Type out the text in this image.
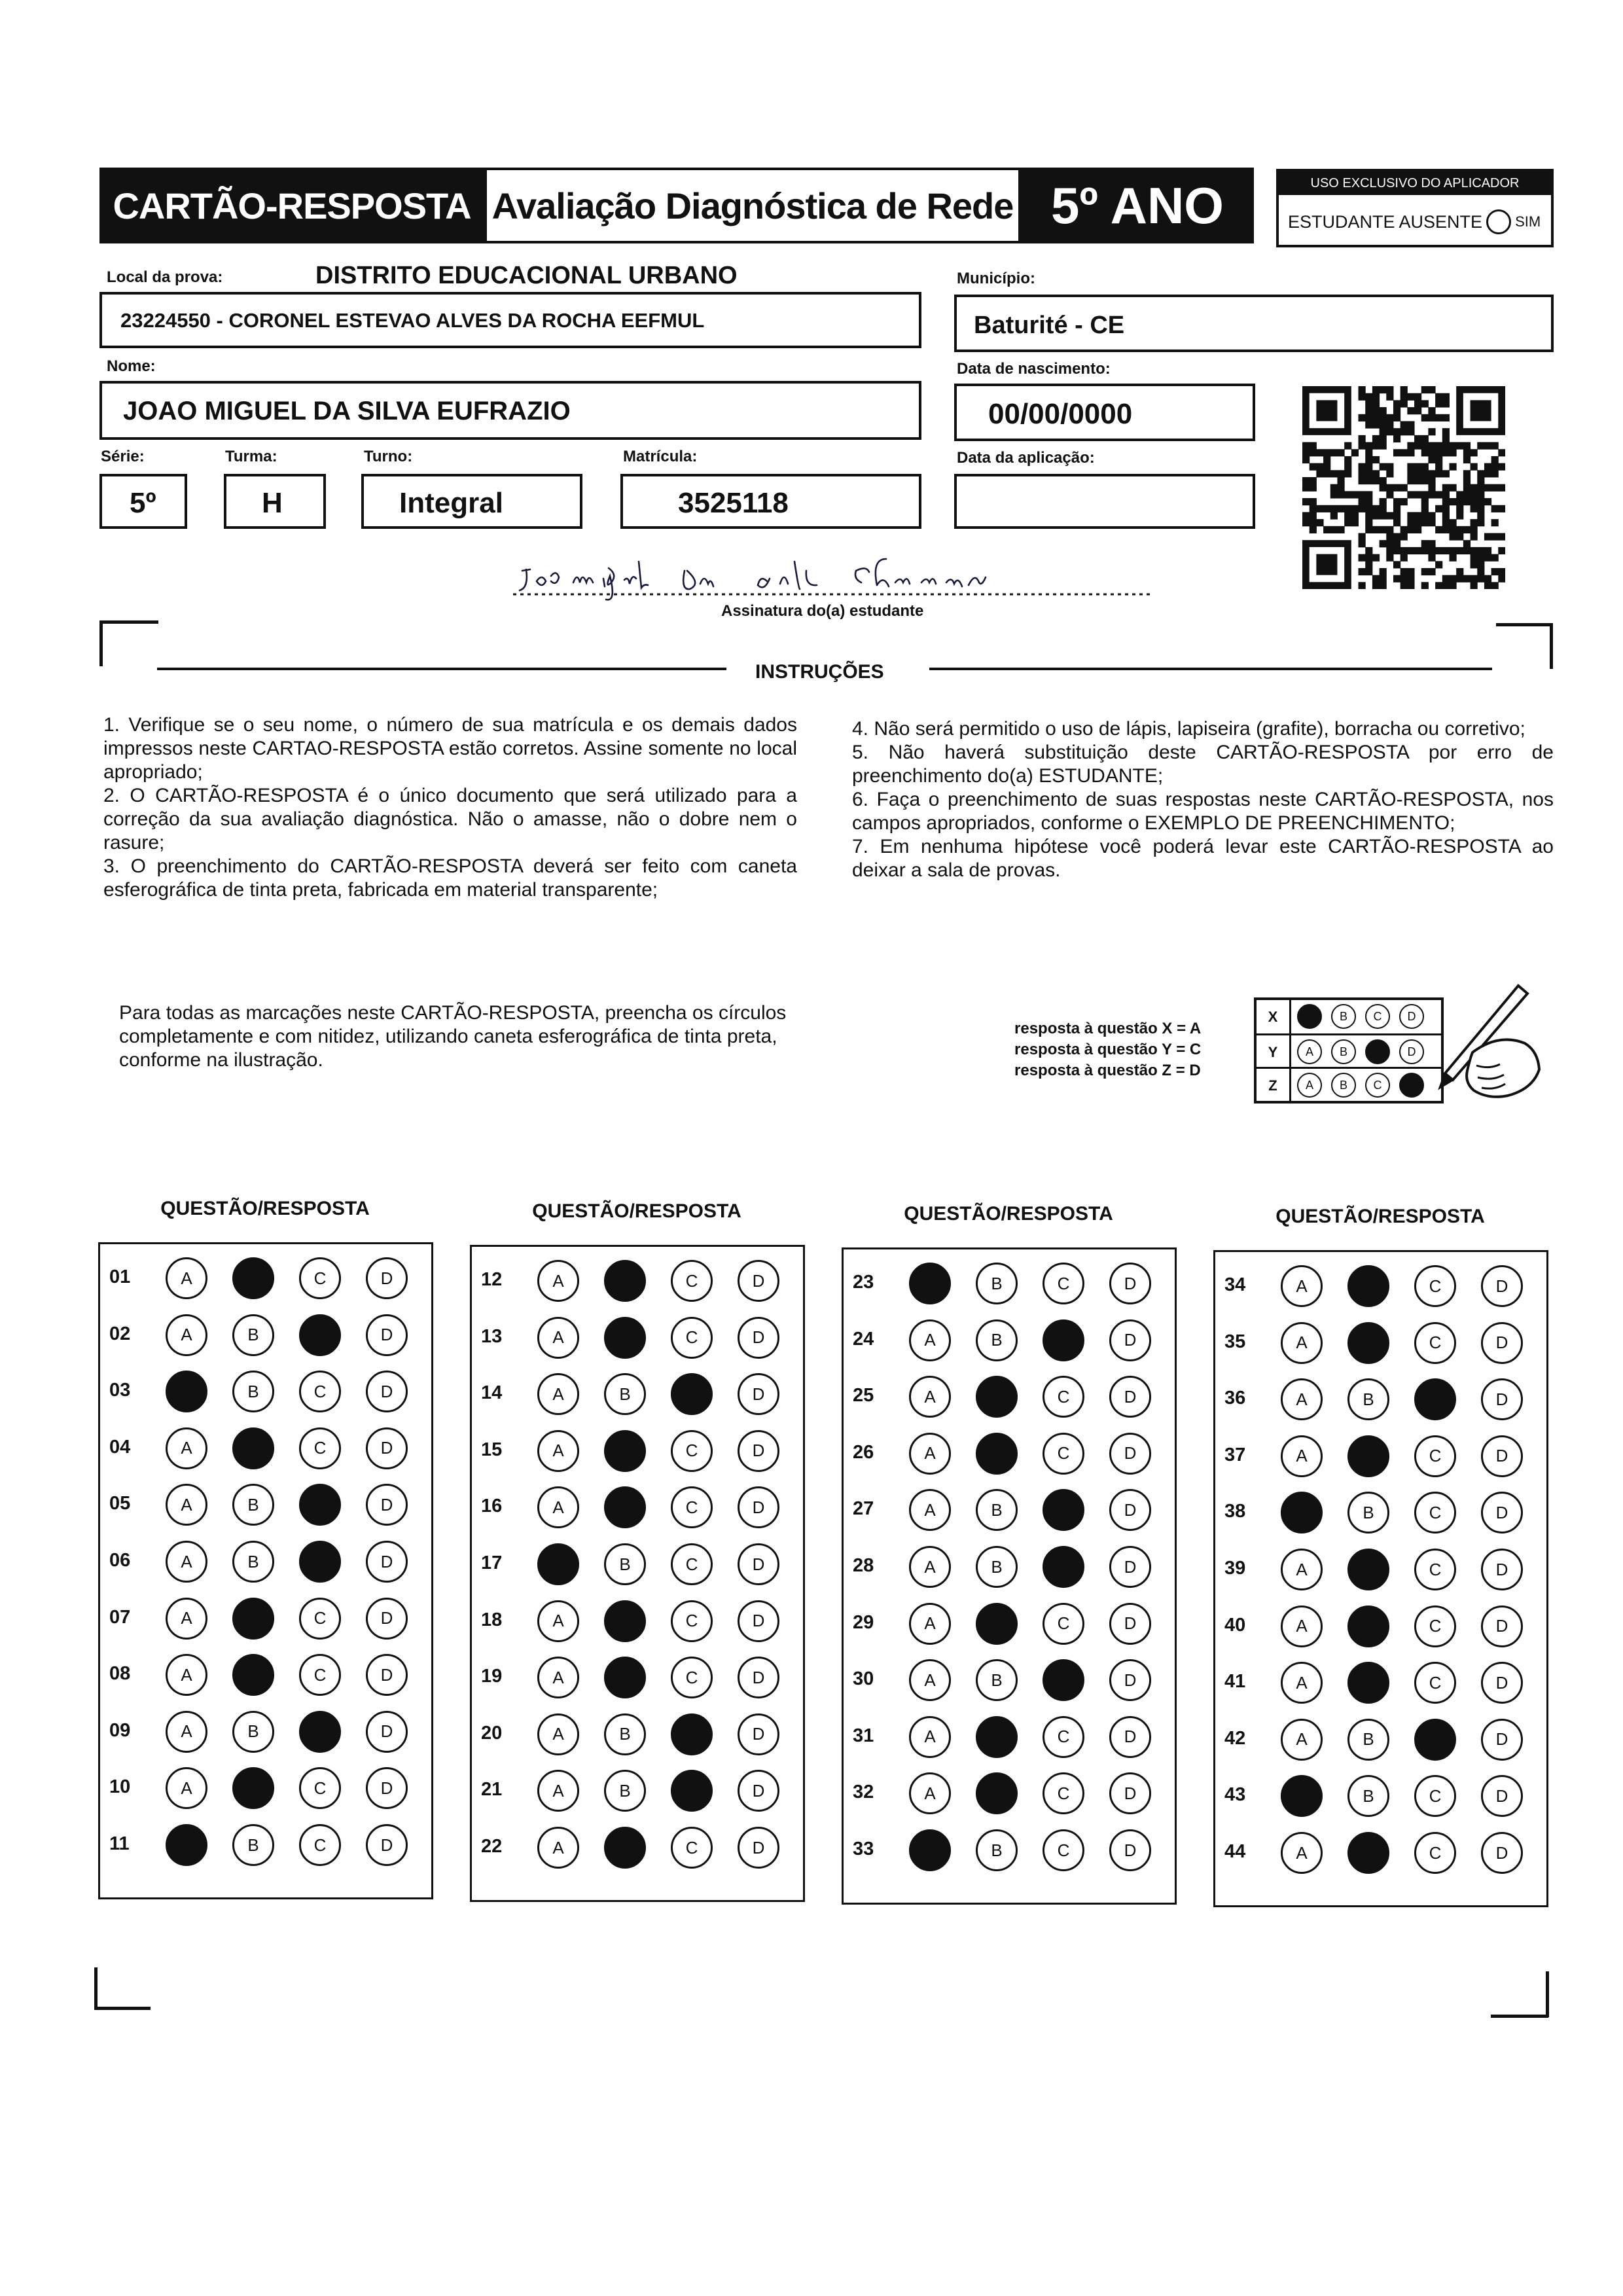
CARTÃO-RESPOSTA Avaliação Diagnóstica de Rede 5º ANO	USO EXCLUSIVO DO APLICADOR
ESTUDANTE AUSENTE SIM
Local da prova:	DISTRITO EDUCACIONAL URBANO
23224550 - CORONEL ESTEVAO ALVES DA ROCHA EEFMUL
Município:
Baturité - CE
Nome:
JOAO MIGUEL DA SILVA EUFRAZIO
Data de nascimento:
00/00/0000
Série:
5º
Turma:
H
Turno:
Integral
Matrícula:
3525118
Data da aplicação:
Assinatura do(a) estudante
INSTRUÇÕES

1. Verifique se o seu nome, o número de sua matrícula e os demais dados impressos neste CARTAO-RESPOSTA estão corretos. Assine somente no local apropriado;

2. O CARTÃO-RESPOSTA é o único documento que será utilizado para a correção da sua avaliação diagnóstica. Não o amasse, não o dobre nem o rasure;

3. O preenchimento do CARTÃO-RESPOSTA deverá ser feito com caneta esferográfica de tinta preta, fabricada em material transparente;

4. Não será permitido o uso de lápis, lapiseira (grafite), borracha ou corretivo;

5. Não haverá substituição deste CARTÃO-RESPOSTA por erro de preenchimento do(a) ESTUDANTE;

6. Faça o preenchimento de suas respostas neste CARTÃO-RESPOSTA, nos campos apropriados, conforme o EXEMPLO DE PREENCHIMENTO;

7. Em nenhuma hipótese você poderá levar este CARTÃO-RESPOSTA ao deixar a sala de provas.

Para todas as marcações neste CARTÃO-RESPOSTA, preencha os círculos completamente e com nitidez, utilizando caneta esferográfica de tinta preta, conforme na ilustração.
resposta à questão X = A
resposta à questão Y = C
resposta à questão Z = D
X	A	B	C	D
Y	A	B	C	D
Z	A	B	C	D
QUESTÃO/RESPOSTA
01	A	B	C	D
02	A	B	C	D
03	A	B	C	D
04	A	B	C	D
05	A	B	C	D
06	A	B	C	D
07	A	B	C	D
08	A	B	C	D
09	A	B	C	D
10	A	B	C	D
11	A	B	C	D
QUESTÃO/RESPOSTA
12	A	B	C	D
13	A	B	C	D
14	A	B	C	D
15	A	B	C	D
16	A	B	C	D
17	A	B	C	D
18	A	B	C	D
19	A	B	C	D
20	A	B	C	D
21	A	B	C	D
22	A	B	C	D
QUESTÃO/RESPOSTA
23	A	B	C	D
24	A	B	C	D
25	A	B	C	D
26	A	B	C	D
27	A	B	C	D
28	A	B	C	D
29	A	B	C	D
30	A	B	C	D
31	A	B	C	D
32	A	B	C	D
33	A	B	C	D
QUESTÃO/RESPOSTA
34	A	B	C	D
35	A	B	C	D
36	A	B	C	D
37	A	B	C	D
38	A	B	C	D
39	A	B	C	D
40	A	B	C	D
41	A	B	C	D
42	A	B	C	D
43	A	B	C	D
44	A	B	C	D
